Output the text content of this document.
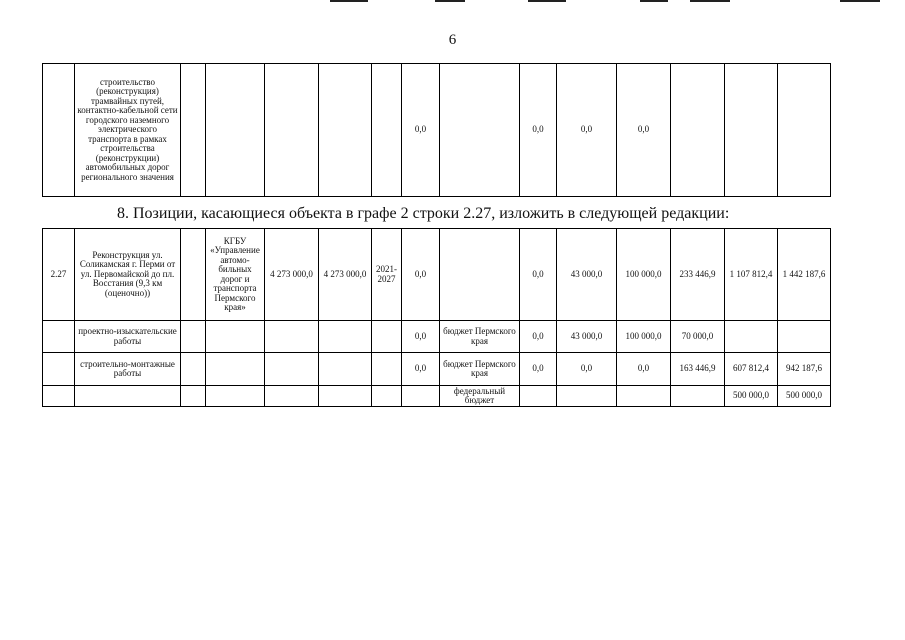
6
	строительство (реконструкция) трамвайных путей, контактно-кабельной сети городского наземного электрического транспорта в рамках строительства (реконструкции) автомобильных дорог регионального значения						0,0		0,0	0,0	0,0			
8. Позиции, касающиеся объекта в графе 2 строки 2.27, изложить в следующей редакции:
2.27	Реконструкция ул. Соликамская г. Перми от ул. Первомайской до пл. Восстания (9,3 км (оценочно))		КГБУ «Управление автомо-бильных дорог и транспорта Пермского края»	4 273 000,0	4 273 000,0	2021-2027	0,0		0,0	43 000,0	100 000,0	233 446,9	1 107 812,4	1 442 187,6
	проектно-изыскательские работы						0,0	бюджет Пермского края	0,0	43 000,0	100 000,0	70 000,0		
	строительно-монтажные работы						0,0	бюджет Пермского края	0,0	0,0	0,0	163 446,9	607 812,4	942 187,6
								федеральный бюджет					500 000,0	500 000,0
